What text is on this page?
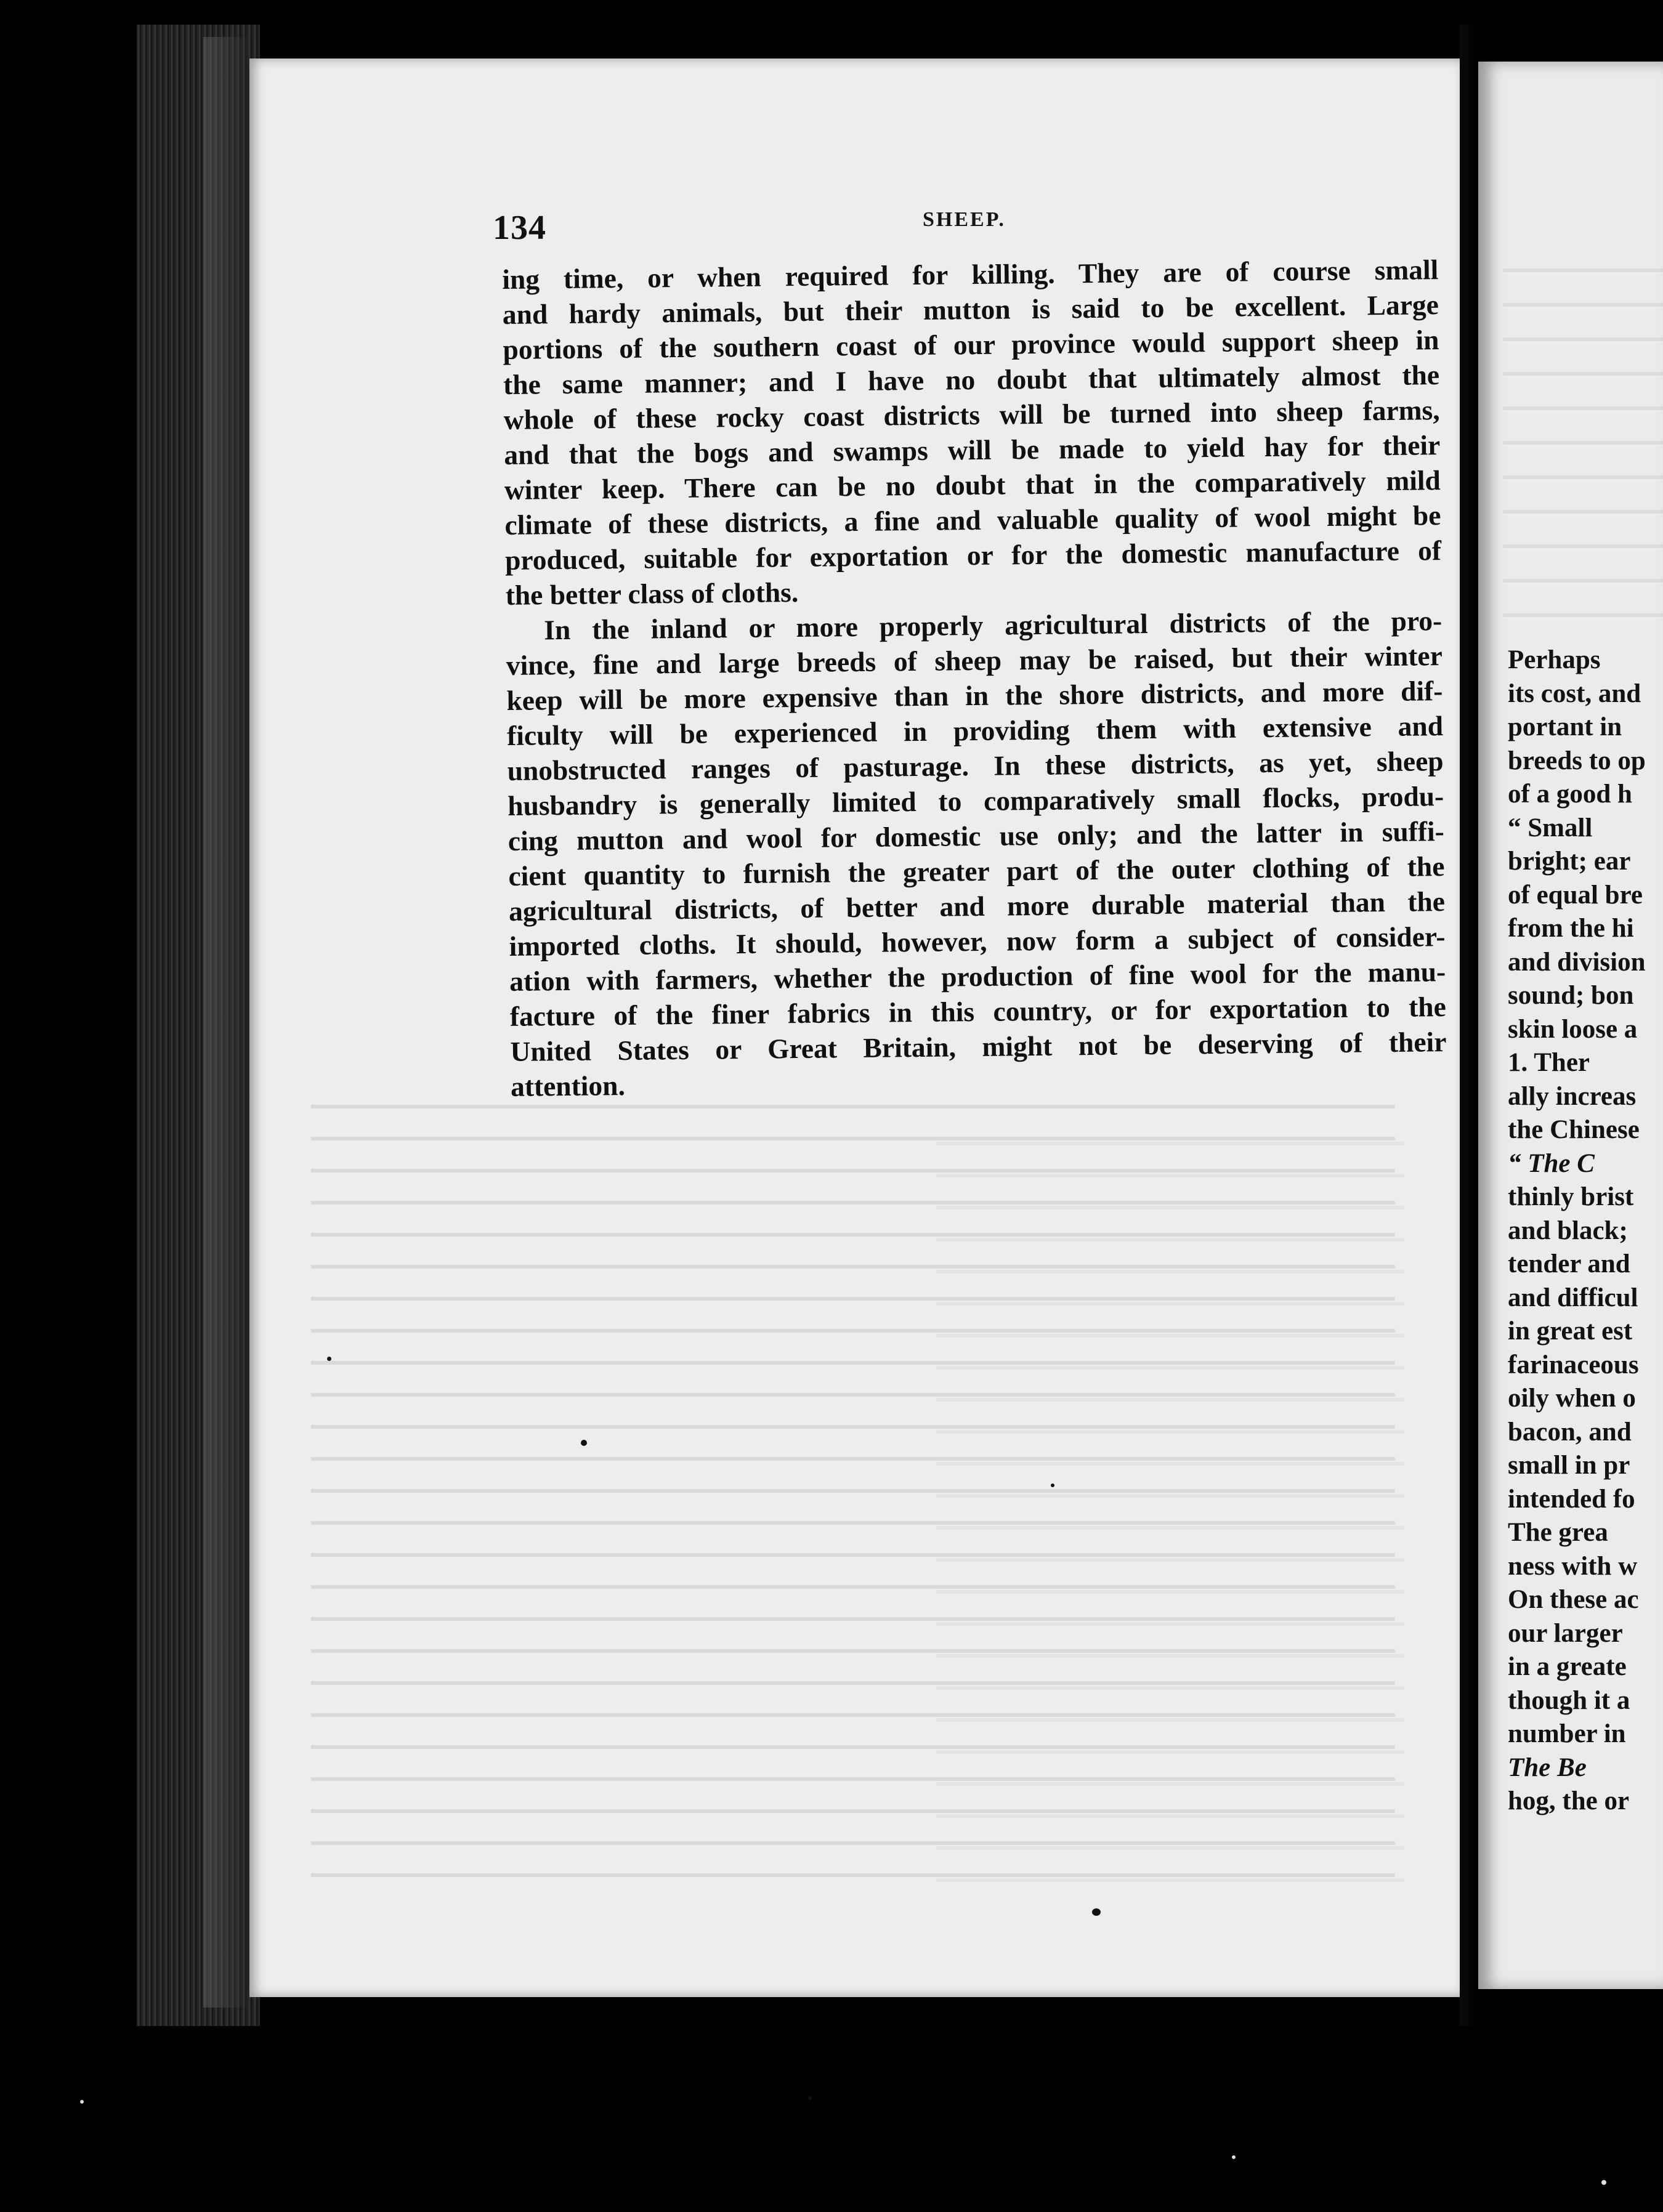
134	SHEEP.
ing time, or when required for killing. They are of course small
and hardy animals, but their mutton is said to be excellent. Large
portions of the southern coast of our province would support sheep in
the same manner; and I have no doubt that ultimately almost the
whole of these rocky coast districts will be turned into sheep farms,
and that the bogs and swamps will be made to yield hay for their
winter keep. There can be no doubt that in the comparatively mild
climate of these districts, a fine and valuable quality of wool might be
produced, suitable for exportation or for the domestic manufacture of
the better class of cloths.
In the inland or more properly agricultural districts of the pro-
vince, fine and large breeds of sheep may be raised, but their winter
keep will be more expensive than in the shore districts, and more dif-
ficulty will be experienced in providing them with extensive and
unobstructed ranges of pasturage. In these districts, as yet, sheep
husbandry is generally limited to comparatively small flocks, produ-
cing mutton and wool for domestic use only; and the latter in suffi-
cient quantity to furnish the greater part of the outer clothing of the
agricultural districts, of better and more durable material than the
imported cloths. It should, however, now form a subject of consider-
ation with farmers, whether the production of fine wool for the manu-
facture of the finer fabrics in this country, or for exportation to the
United States or Great Britain, might not be deserving of their
attention.
Perhaps
its cost, and
portant in
breeds to op
of a good h
“ Small
bright; ear
of equal bre
from the hi
and division
sound; bon
skin loose a
1. Ther
ally increas
the Chinese
“ The C
thinly brist
and black;
tender and
and difficul
in great est
farinaceous
oily when o
bacon, and
small in pr
intended fo
The grea
ness with w
On these ac
our larger
in a greate
though it a
number in
The Be
hog, the or
